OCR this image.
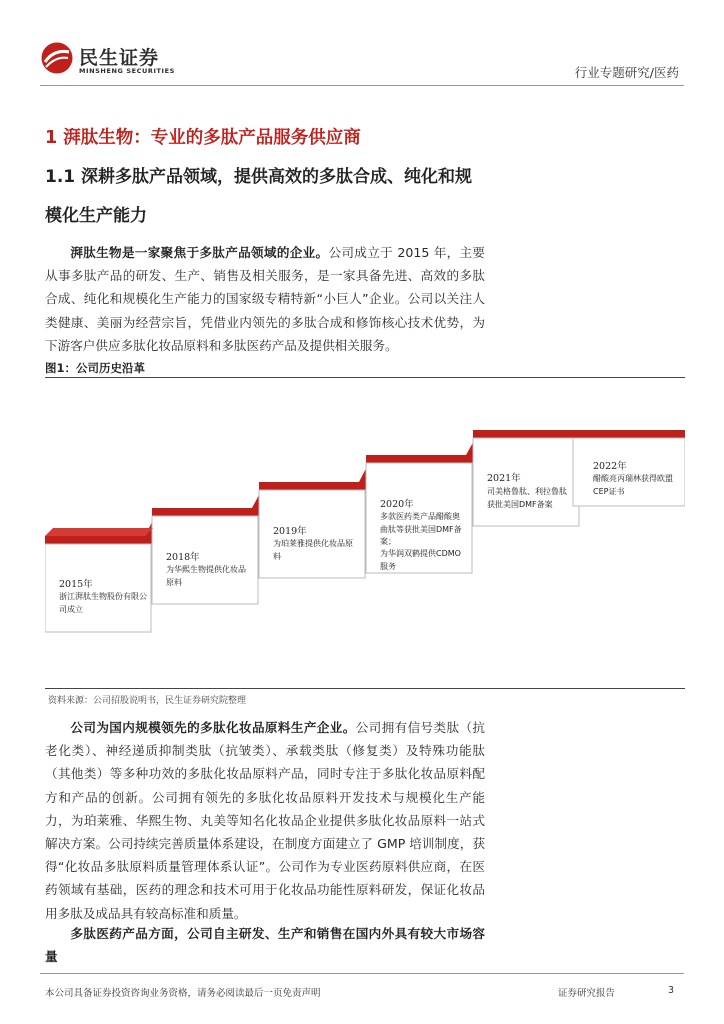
民生证券
MINSHENG SECURITIES	行业专题研究/医药
1 湃肽生物：专业的多肽产品服务供应商
1.1 深耕多肽产品领域，提供高效的多肽合成、纯化和规模化生产能力
湃肽生物是一家聚焦于多肽产品领域的企业。公司成立于 2015 年，主要从事多肽产品的研发、生产、销售及相关服务，是一家具备先进、高效的多肽合成、纯化和规模化生产能力的国家级专精特新“小巨人”企业。公司以关注人类健康、美丽为经营宗旨，凭借业内领先的多肽合成和修饰核心技术优势，为下游客户供应多肽化妆品原料和多肽医药产品及提供相关服务。
图1：公司历史沿革
2015年
浙江湃肽生物股份有限公司成立
2018年
为华熙生物提供化妆品原料
2019年
为珀莱雅提供化妆品原料
2020年
多款医药类产品醋酸奥曲肽等获批美国DMF备案；
为华润双鹤提供CDMO服务
2021年
司美格鲁肽、利拉鲁肽获批美国DMF备案
2022年
醋酸亮丙瑞林获得欧盟CEP证书
资料来源：公司招股说明书，民生证券研究院整理
公司为国内规模领先的多肽化妆品原料生产企业。公司拥有信号类肽（抗老化类）、神经递质抑制类肽（抗皱类）、承载类肽（修复类）及特殊功能肽（其他类）等多种功效的多肽化妆品原料产品，同时专注于多肽化妆品原料配方和产品的创新。公司拥有领先的多肽化妆品原料开发技术与规模化生产能力，为珀莱雅、华熙生物、丸美等知名化妆品企业提供多肽化妆品原料一站式解决方案。公司持续完善质量体系建设，在制度方面建立了 GMP 培训制度，获得“化妆品多肽原料质量管理体系认证”。公司作为专业医药原料供应商，在医药领域有基础，医药的理念和技术可用于化妆品功能性原料研发，保证化妆品用多肽及成品具有较高标准和质量。
多肽医药产品方面，公司自主研发、生产和销售在国内外具有较大市场容量
本公司具备证券投资咨询业务资格，请务必阅读最后一页免责声明	证券研究报告	3
